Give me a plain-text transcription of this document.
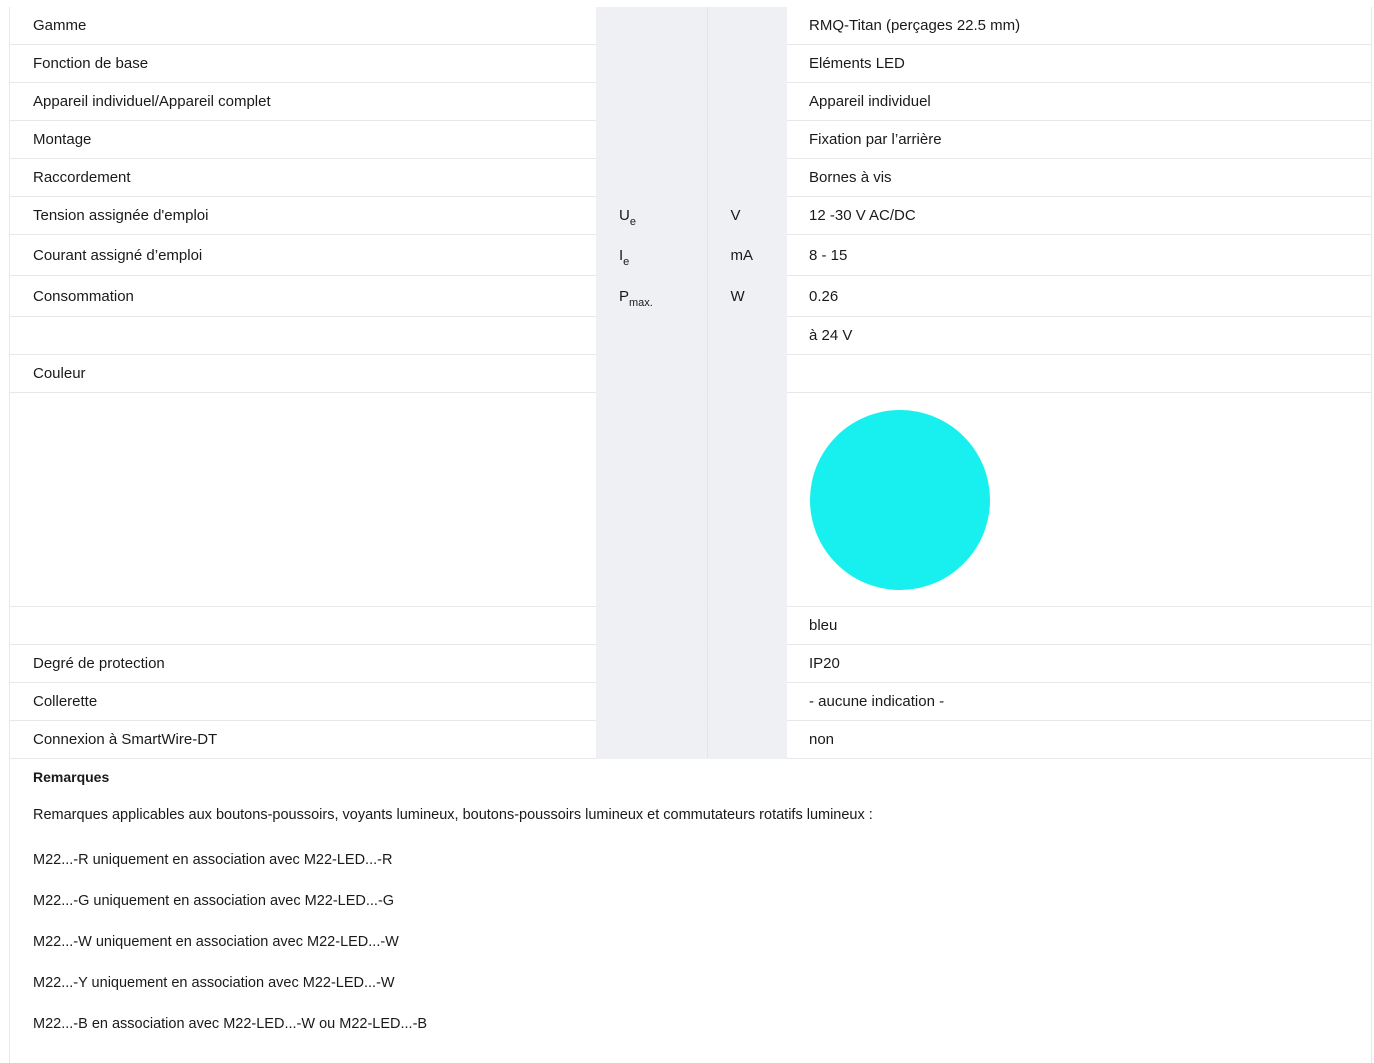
Gamme			RMQ-Titan (perçages 22.5 mm)
Fonction de base			Eléments LED
Appareil individuel/Appareil complet			Appareil individuel
Montage			Fixation par l’arrière
Raccordement			Bornes à vis
Tension assignée d'emploi	$U_e$	V	12 -30 V AC/DC
Courant assigné d’emploi	$I_e$	mA	8 - 15
Consommation	$P_{max.}$	W	0.26
			à 24 V
Couleur			

			bleu
Degré de protection			IP20
Collerette			- aucune indication -
Connexion à SmartWire-DT			non
Remarques
Remarques applicables aux boutons-poussoirs, voyants lumineux, boutons-poussoirs lumineux et commutateurs rotatifs lumineux :
M22...-R uniquement en association avec M22-LED...-R
M22...-G uniquement en association avec M22-LED...-G
M22...-W uniquement en association avec M22-LED...-W
M22...-Y uniquement en association avec M22-LED...-W
M22...-B en association avec M22-LED...-W ou M22-LED...-B
